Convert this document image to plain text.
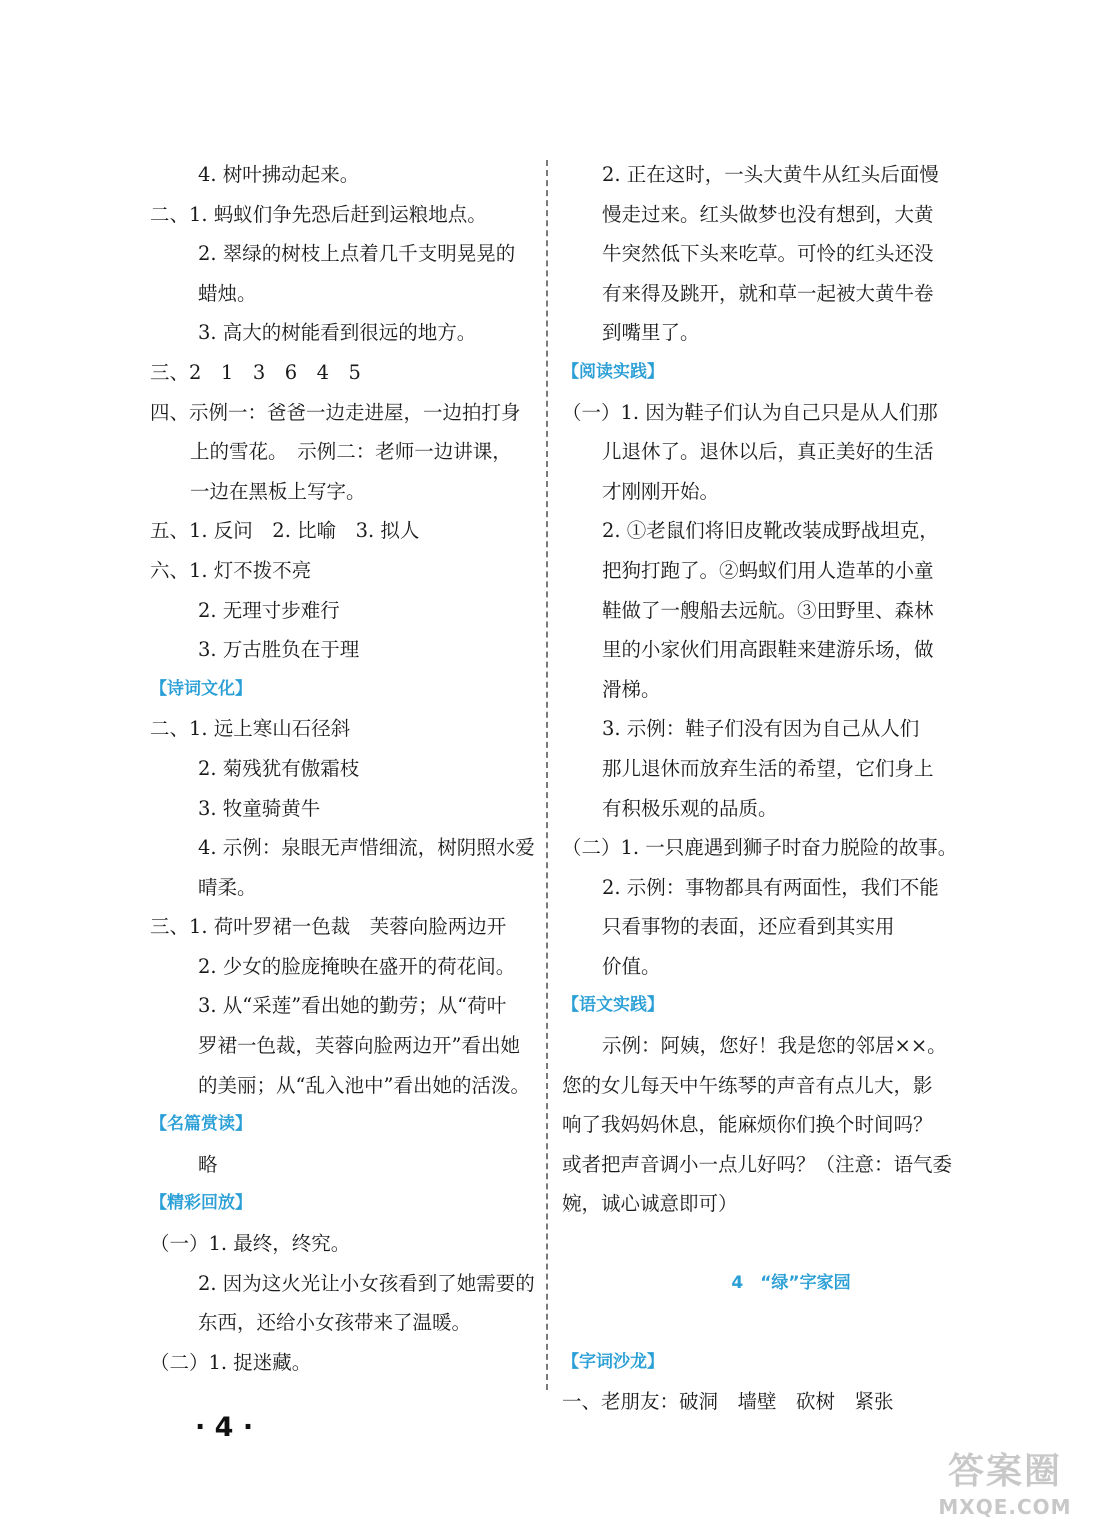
4. 树叶拂动起来。
二、1. 蚂蚁们争先恐后赶到运粮地点。
2. 翠绿的树枝上点着几千支明晃晃的
蜡烛。
3. 高大的树能看到很远的地方。
三、2　1　3　6　4　5
四、示例一：爸爸一边走进屋，一边拍打身
上的雪花。　示例二：老师一边讲课，
一边在黑板上写字。
五、1. 反问　2. 比喻　3. 拟人
六、1. 灯不拨不亮
2. 无理寸步难行
3. 万古胜负在于理
【诗词文化】
二、1. 远上寒山石径斜
2. 菊残犹有傲霜枝
3. 牧童骑黄牛
4. 示例：泉眼无声惜细流，树阴照水爱
晴柔。
三、1. 荷叶罗裙一色裁　芙蓉向脸两边开
2. 少女的脸庞掩映在盛开的荷花间。
3. 从“采莲”看出她的勤劳；从“荷叶
罗裙一色裁，芙蓉向脸两边开”看出她
的美丽；从“乱入池中”看出她的活泼。
【名篇赏读】
略
【精彩回放】
（一）1. 最终，终究。
2. 因为这火光让小女孩看到了她需要的
东西，还给小女孩带来了温暖。
（二）1. 捉迷藏。
2. 正在这时，一头大黄牛从红头后面慢
慢走过来。红头做梦也没有想到，大黄
牛突然低下头来吃草。可怜的红头还没
有来得及跳开，就和草一起被大黄牛卷
到嘴里了。
【阅读实践】
（一）1. 因为鞋子们认为自己只是从人们那
儿退休了。退休以后，真正美好的生活
才刚刚开始。
2. ①老鼠们将旧皮靴改装成野战坦克，
把狗打跑了。②蚂蚁们用人造革的小童
鞋做了一艘船去远航。③田野里、森林
里的小家伙们用高跟鞋来建游乐场，做
滑梯。
3. 示例：鞋子们没有因为自己从人们
那儿退休而放弃生活的希望，它们身上
有积极乐观的品质。
（二）1. 一只鹿遇到狮子时奋力脱险的故事。
2. 示例：事物都具有两面性，我们不能
只看事物的表面，还应看到其实用
价值。
【语文实践】
示例：阿姨，您好！我是您的邻居××。
您的女儿每天中午练琴的声音有点儿大，影
响了我妈妈休息，能麻烦你们换个时间吗？
或者把声音调小一点儿好吗？（注意：语气委
婉，诚心诚意即可）
4　“绿”字家园
【字词沙龙】
一、老朋友：破洞　墙壁　砍树　紧张
· 4 ·
答案圈
MXQE.COM
